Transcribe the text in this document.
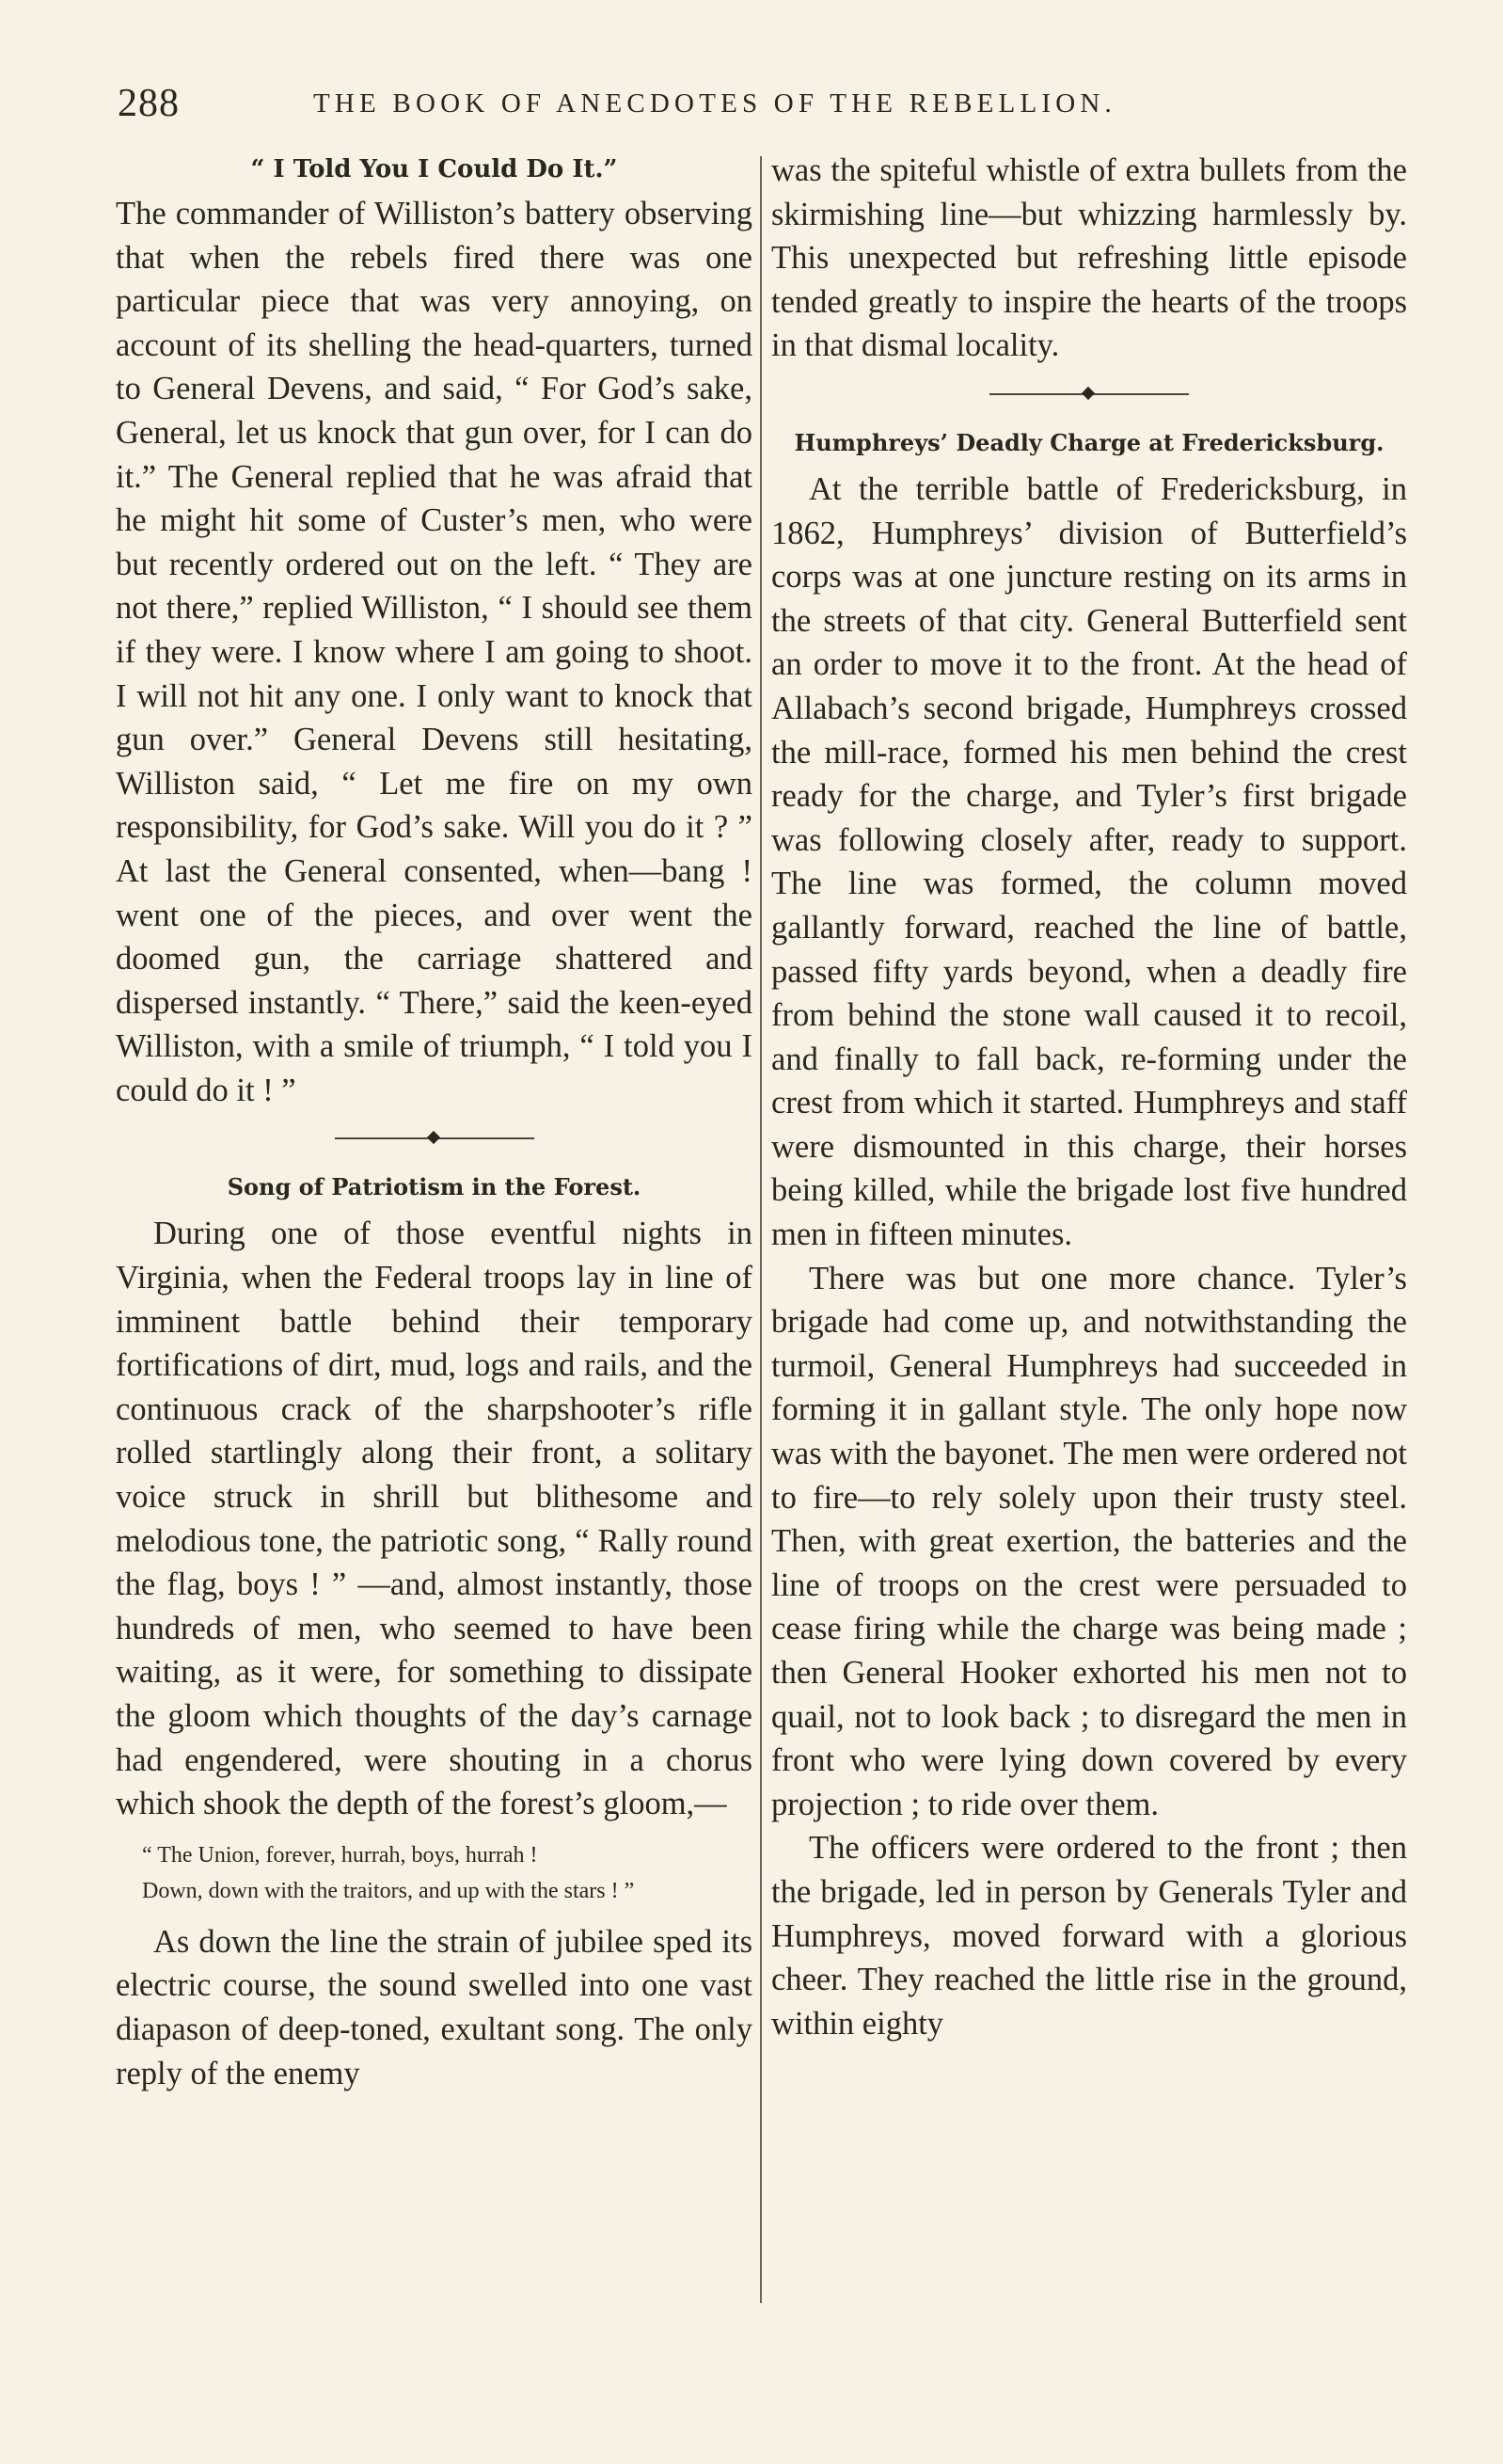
288	THE BOOK OF ANECDOTES OF THE REBELLION.
“ I Told You I Could Do It.”

The commander of Williston’s battery observing that when the rebels fired there was one particular piece that was very annoying, on account of its shelling the head-quarters, turned to General Devens, and said, “ For God’s sake, General, let us knock that gun over, for I can do it.” The General replied that he was afraid that he might hit some of Custer’s men, who were but recently ordered out on the left. “ They are not there,” replied Williston, “ I should see them if they were. I know where I am going to shoot. I will not hit any one. I only want to knock that gun over.” General Devens still hesitating, Williston said, “ Let me fire on my own responsibility, for God’s sake. Will you do it ? ” At last the General consented, when—bang ! went one of the pieces, and over went the doomed gun, the carriage shattered and dispersed instantly. “ There,” said the keen-eyed Williston, with a smile of triumph, “ I told you I could do it ! ”

Song of Patriotism in the Forest.

During one of those eventful nights in Virginia, when the Federal troops lay in line of imminent battle behind their temporary fortifications of dirt, mud, logs and rails, and the continuous crack of the sharpshooter’s rifle rolled startlingly along their front, a solitary voice struck in shrill but blithesome and melodious tone, the patriotic song, “ Rally round the flag, boys ! ” —and, almost instantly, those hundreds of men, who seemed to have been waiting, as it were, for something to dissipate the gloom which thoughts of the day’s carnage had engendered, were shouting in a chorus which shook the depth of the forest’s gloom,—

“ The Union, forever, hurrah, boys, hurrah !
Down, down with the traitors, and up with the stars ! ”

As down the line the strain of jubilee sped its electric course, the sound swelled into one vast diapason of deep-toned, exultant song. The only reply of the enemy

was the spiteful whistle of extra bullets from the skirmishing line—but whizzing harmlessly by. This unexpected but refreshing little episode tended greatly to inspire the hearts of the troops in that dismal locality.

Humphreys’ Deadly Charge at Fredericksburg.

At the terrible battle of Fredericksburg, in 1862, Humphreys’ division of Butterfield’s corps was at one juncture resting on its arms in the streets of that city. General Butterfield sent an order to move it to the front. At the head of Allabach’s second brigade, Humphreys crossed the mill-race, formed his men behind the crest ready for the charge, and Tyler’s first brigade was following closely after, ready to support. The line was formed, the column moved gallantly forward, reached the line of battle, passed fifty yards beyond, when a deadly fire from behind the stone wall caused it to recoil, and finally to fall back, re-forming under the crest from which it started. Humphreys and staff were dismounted in this charge, their horses being killed, while the brigade lost five hundred men in fifteen minutes.

There was but one more chance. Tyler’s brigade had come up, and notwithstanding the turmoil, General Humphreys had succeeded in forming it in gallant style. The only hope now was with the bayonet. The men were ordered not to fire—to rely solely upon their trusty steel. Then, with great exertion, the batteries and the line of troops on the crest were persuaded to cease firing while the charge was being made ; then General Hooker exhorted his men not to quail, not to look back ; to disregard the men in front who were lying down covered by every projection ; to ride over them.

The officers were ordered to the front ; then the brigade, led in person by Generals Tyler and Humphreys, moved forward with a glorious cheer. They reached the little rise in the ground, within eighty
